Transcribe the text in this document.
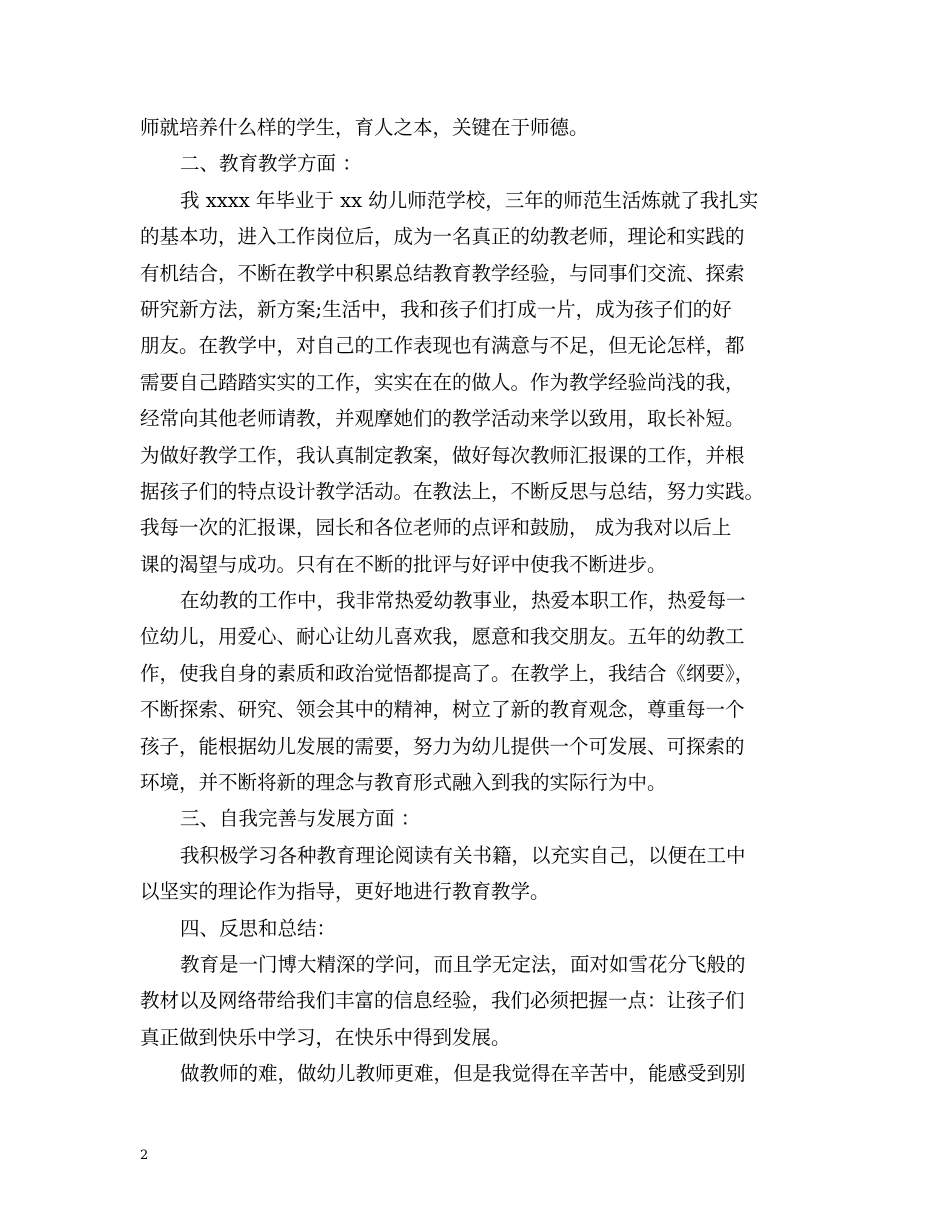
师就培养什么样的学生，育人之本，关键在于师德。
二、教育教学方面 ：
我 xxxx 年毕业于 xx 幼儿师范学校，三年的师范生活炼就了我扎实
的基本功，进入工作岗位后，成为一名真正的幼教老师，理论和实践的
有机结合，不断在教学中积累总结教育教学经验，与同事们交流、探索
研究新方法，新方案;生活中，我和孩子们打成一片，成为孩子们的好
朋友。在教学中，对自己的工作表现也有满意与不足，但无论怎样，都
需要自己踏踏实实的工作，实实在在的做人。作为教学经验尚浅的我，
经常向其他老师请教，并观摩她们的教学活动来学以致用，取长补短。
为做好教学工作，我认真制定教案，做好每次教师汇报课的工作，并根
据孩子们的特点设计教学活动。在教法上，不断反思与总结，努力实践。
我每一次的汇报课，园长和各位老师的点评和鼓励， 成为我对以后上
课的渴望与成功。只有在不断的批评与好评中使我不断进步。
在幼教的工作中，我非常热爱幼教事业，热爱本职工作，热爱每一
位幼儿，用爱心、耐心让幼儿喜欢我，愿意和我交朋友。五年的幼教工
作，使我自身的素质和政治觉悟都提高了。在教学上，我结合《纲要》，
不断探索、研究、领会其中的精神，树立了新的教育观念，尊重每一个
孩子，能根据幼儿发展的需要，努力为幼儿提供一个可发展、可探索的
环境，并不断将新的理念与教育形式融入到我的实际行为中。
三、自我完善与发展方面 ：
我积极学习各种教育理论阅读有关书籍，以充实自己，以便在工中
以坚实的理论作为指导，更好地进行教育教学。
四、反思和总结：
教育是一门博大精深的学问，而且学无定法，面对如雪花分飞般的
教材以及网络带给我们丰富的信息经验，我们必须把握一点：让孩子们
真正做到快乐中学习，在快乐中得到发展。
做教师的难，做幼儿教师更难，但是我觉得在辛苦中，能感受到别
2
